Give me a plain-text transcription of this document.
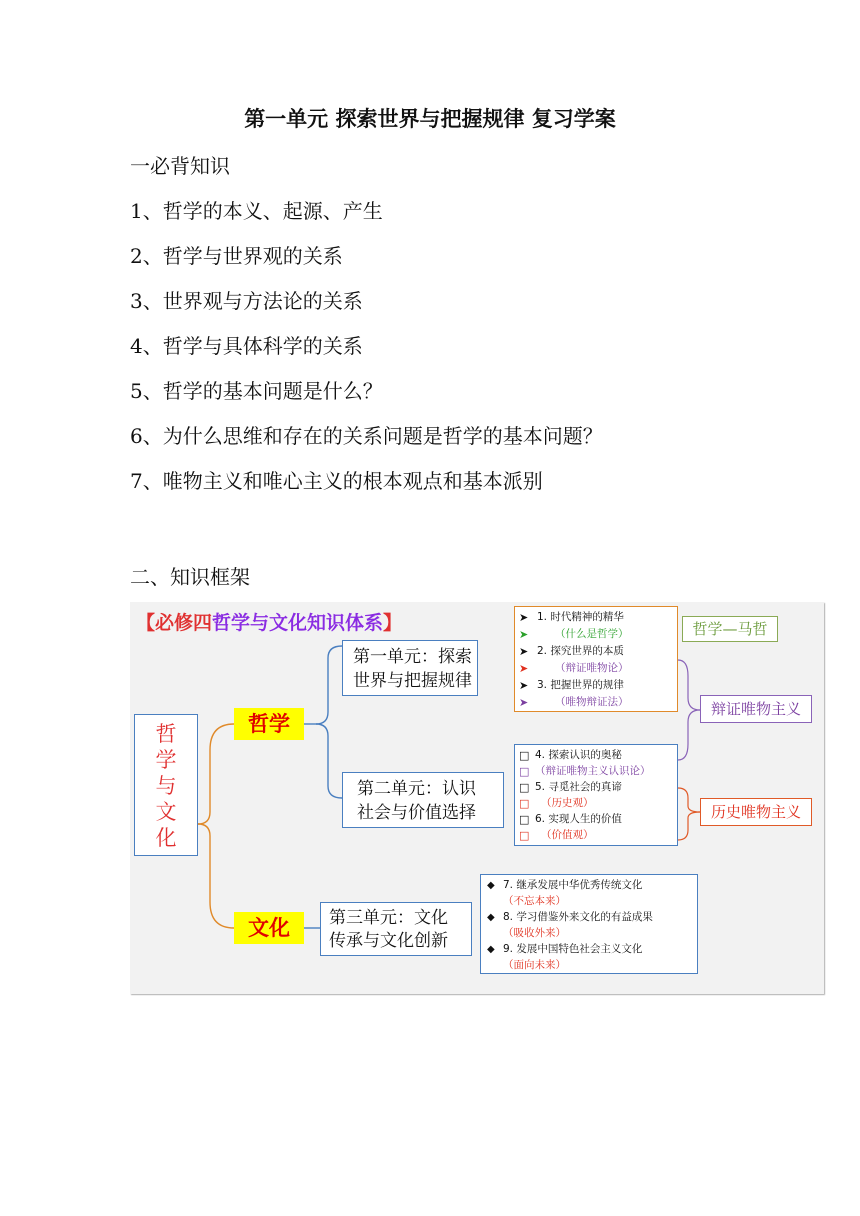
第一单元 探索世界与把握规律 复习学案
一必背知识
1、哲学的本义、起源、产生
2、哲学与世界观的关系
3、世界观与方法论的关系
4、哲学与具体科学的关系
5、哲学的基本问题是什么？
6、为什么思维和存在的关系问题是哲学的基本问题？
7、唯物主义和唯心主义的根本观点和基本派别
二、知识框架
【必修四哲学与文化知识体系】
哲
学
与
文
化
哲学
文化
第一单元：探索
世界与把握规律
第二单元：认识
社会与价值选择
第三单元：文化
传承与文化创新
➤ 1. 时代精神的精华
➤	（什么是哲学）
➤ 2. 探究世界的本质
➤	（辩证唯物论）
➤ 3. 把握世界的规律
➤	（唯物辩证法）
□ 4. 探索认识的奥秘
□ （辩证唯物主义认识论）
□ 5. 寻觅社会的真谛
□ （历史观）
□ 6. 实现人生的价值
□ （价值观）
◆ 7. 继承发展中华优秀传统文化
（不忘本来）
◆ 8. 学习借鉴外来文化的有益成果
（吸收外来）
◆ 9. 发展中国特色社会主义文化
（面向未来）
哲学—马哲
辩证唯物主义
历史唯物主义
